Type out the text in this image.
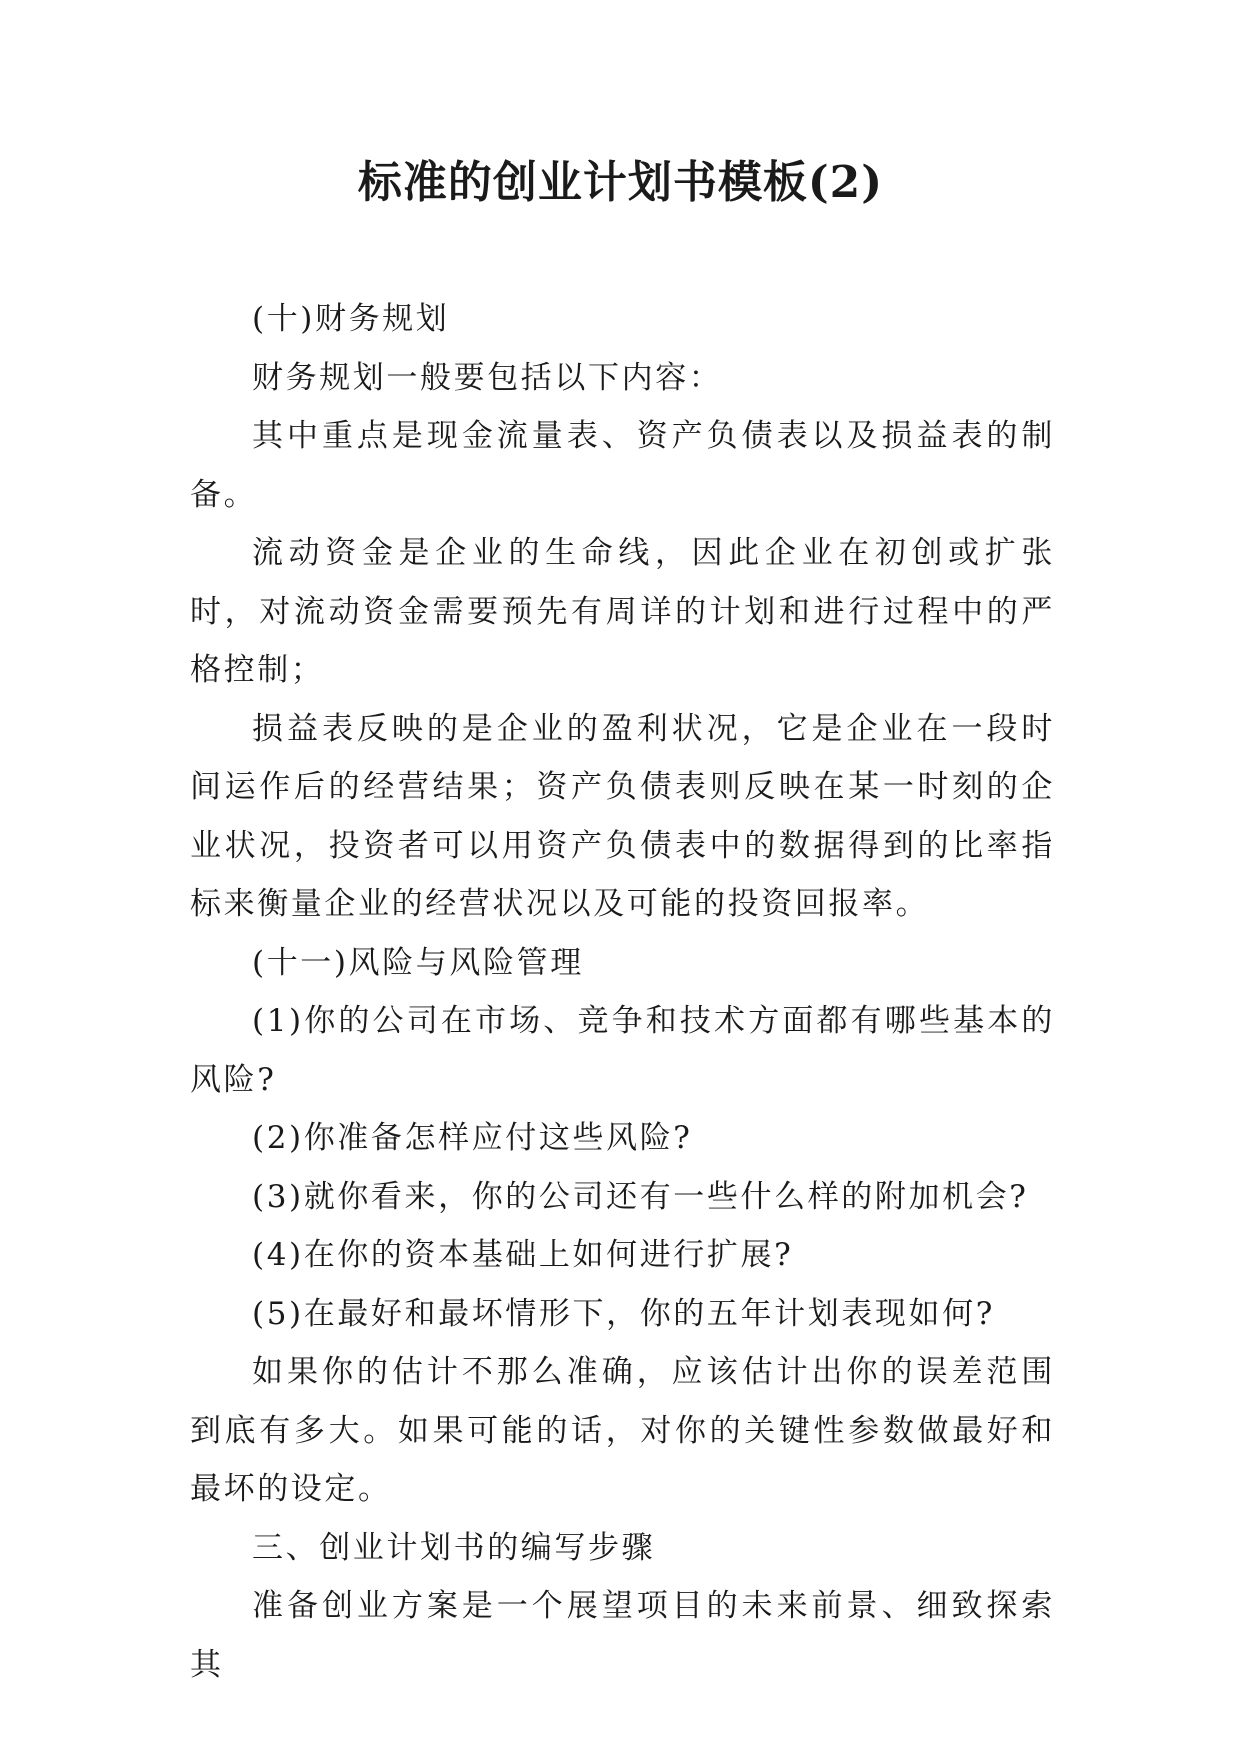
标准的创业计划书模板(2)

(十)财务规划

财务规划一般要包括以下内容：

其中重点是现金流量表、资产负债表以及损益表的制备。

流动资金是企业的生命线，因此企业在初创或扩张时，对流动资金需要预先有周详的计划和进行过程中的严格控制；

损益表反映的是企业的盈利状况，它是企业在一段时间运作后的经营结果；资产负债表则反映在某一时刻的企业状况，投资者可以用资产负债表中的数据得到的比率指标来衡量企业的经营状况以及可能的投资回报率。

(十一)风险与风险管理

(1)你的公司在市场、竞争和技术方面都有哪些基本的风险?

(2)你准备怎样应付这些风险?

(3)就你看来，你的公司还有一些什么样的附加机会?

(4)在你的资本基础上如何进行扩展?

(5)在最好和最坏情形下，你的五年计划表现如何?

如果你的估计不那么准确，应该估计出你的误差范围到底有多大。如果可能的话，对你的关键性参数做最好和最坏的设定。

三、创业计划书的编写步骤

准备创业方案是一个展望项目的未来前景、细致探索其
